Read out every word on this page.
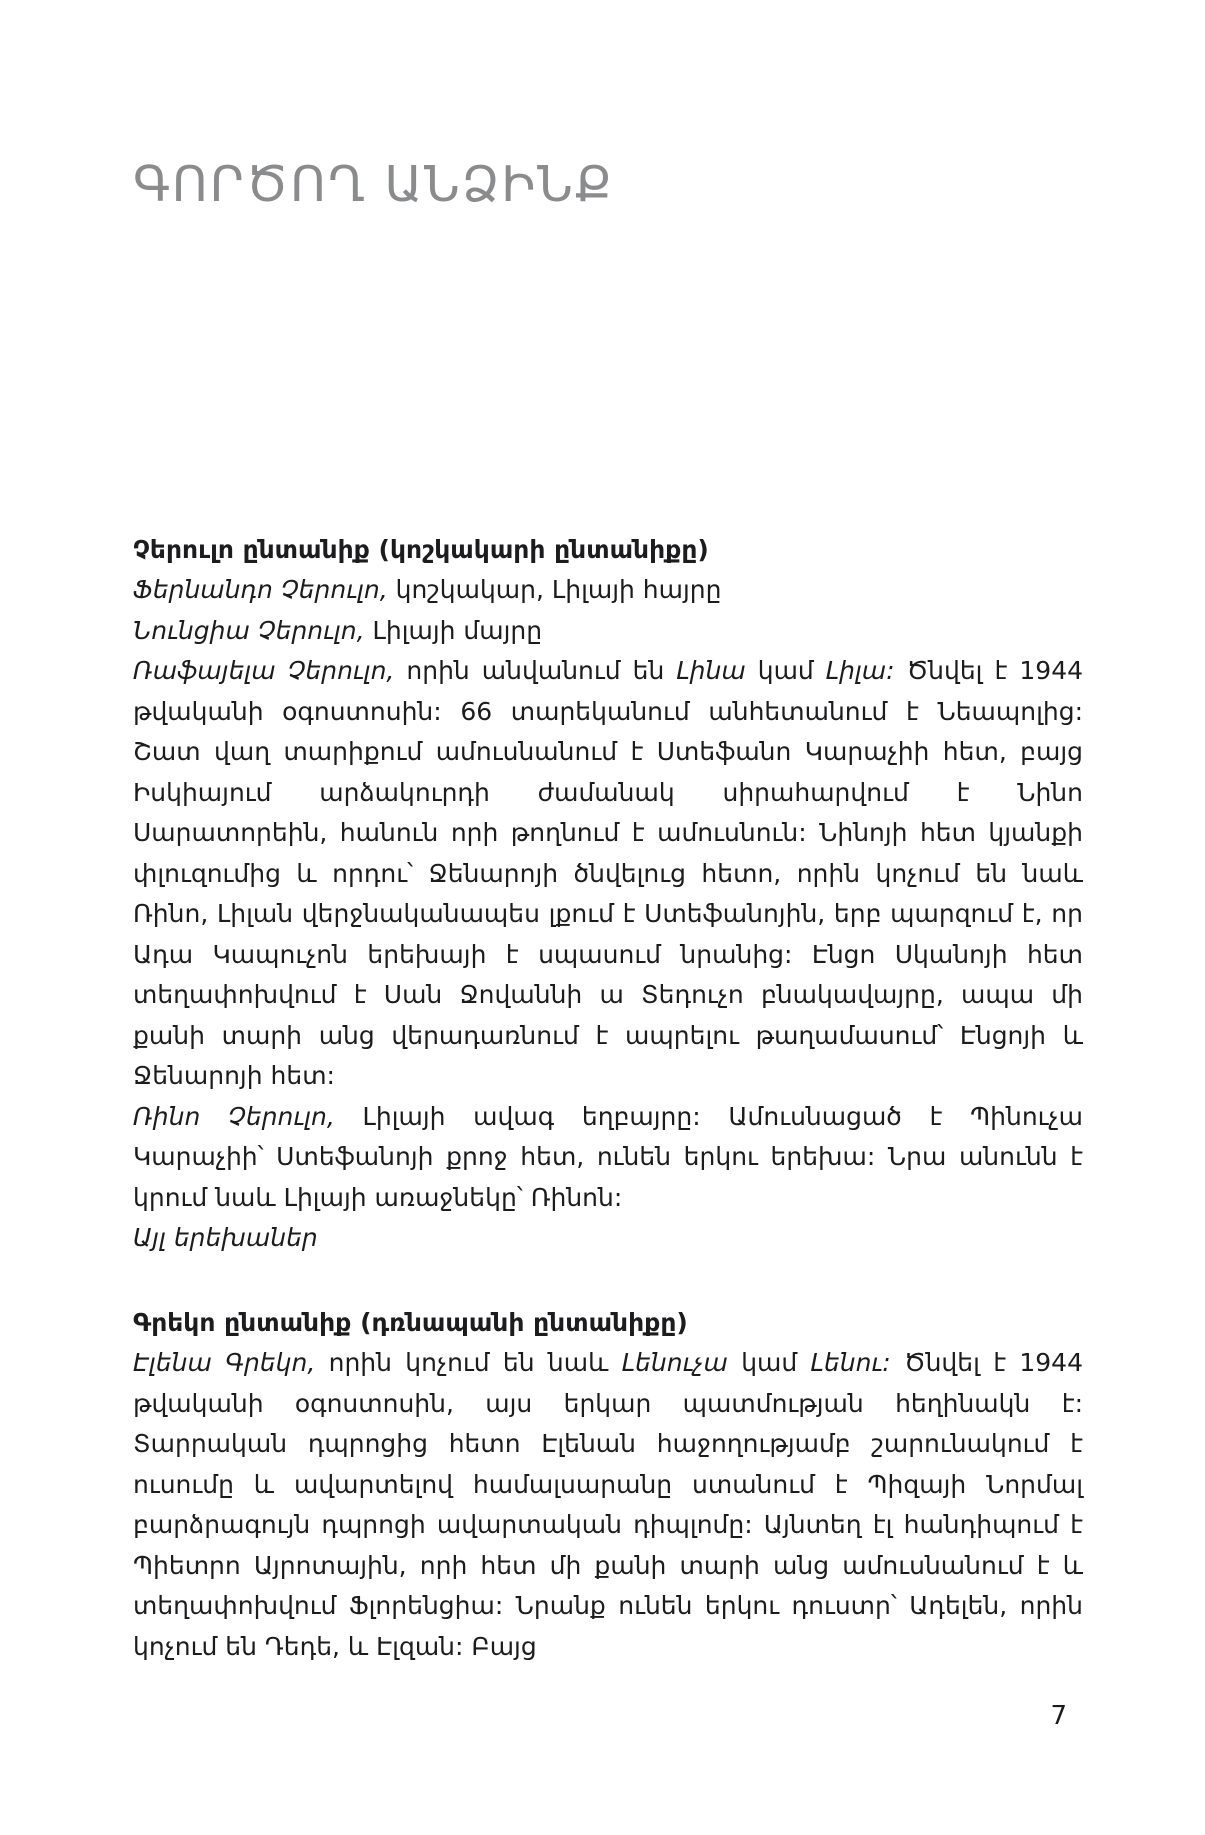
ԳՈՐԾՈՂ ԱՆՁԻՆՔ
Չերուլո ընտանիք (կոշկակարի ընտանիքը)

Ֆերնանդո Չերուլո, կոշկակար, Լիլայի հայրը

Նունցիա Չերուլո, Լիլայի մայրը

Ռաֆայելա Չերուլո, որին անվանում են Լինա կամ Լիլա: Ծնվել է 1944 թվականի օգոստոսին: 66 տարեկանում անհետանում է Նեապոլից: Շատ վաղ տարիքում ամուսնանում է Ստեֆանո Կարաչիի հետ, բայց Իսկիայում արձակուրդի ժամանակ սիրահարվում է Նինո Սարատորեին, հանուն որի թողնում է ամուսնուն: Նինոյի հետ կյանքի փլուզումից և որդու՝ Ջենարոյի ծնվելուց հետո, որին կոչում են նաև Ռինո, Լիլան վերջնականապես լքում է Ստեֆանոյին, երբ պարզում է, որ Ադա Կապուչոն երեխայի է սպասում նրանից: Էնցո Սկանոյի հետ տեղափոխվում է Սան Ջովաննի ա Տեդուչո բնակավայրը, ապա մի քանի տարի անց վերադառնում է ապրելու թաղամասում՝ Էնցոյի և Ջենարոյի հետ:

Ռինո Չերուլո, Լիլայի ավագ եղբայրը: Ամուսնացած է Պինուչա Կարաչիի՝ Ստեֆանոյի քրոջ հետ, ունեն երկու երեխա: Նրա անունն է կրում նաև Լիլայի առաջնեկը՝ Ռինոն:

Այլ երեխաներ

Գրեկո ընտանիք (դռնապանի ընտանիքը)

Էլենա Գրեկո, որին կոչում են նաև Լենուչա կամ Լենու: Ծնվել է 1944 թվականի օգոստոսին, այս երկար պատմության հեղինակն է: Տարրական դպրոցից հետո Էլենան հաջողությամբ շարունակում է ուսումը և ավարտելով համալսարանը ստանում է Պիզայի Նորմալ բարձրագույն դպրոցի ավարտական դիպլոմը: Այնտեղ էլ հանդիպում է Պիետրո Այրոտային, որի հետ մի քանի տարի անց ամուսնանում է և տեղափոխվում Ֆլորենցիա: Նրանք ունեն երկու դուստր՝ Ադելեն, որին կոչում են Դեդե, և Էլզան: Բայց

7
